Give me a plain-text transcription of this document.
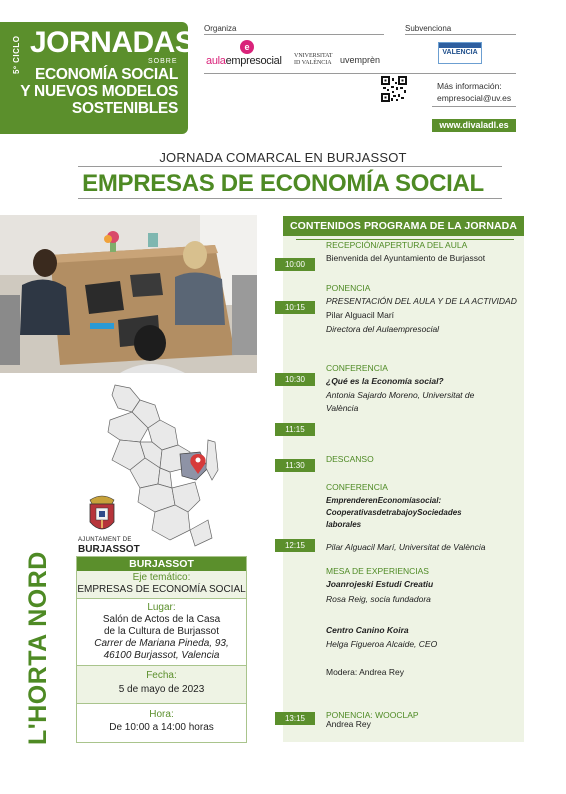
5º CICLO JORNADAS
SOBRE
ECONOMÍA SOCIAL
Y NUEVOS MODELOS
SOSTENIBLES
Organiza	Subvenciona
e
aulaempresocial VNIVERSITAT
ID VALÈNCIA uvemprèn
VALENCIA
Más información:
empresocial@uv.es
www.divaladl.es
JORNADA COMARCAL EN BURJASSOT
EMPRESAS DE ECONOMÍA SOCIAL
AJUNTAMENT DE
BURJASSOT
L'HORTA NORD	BURJASSOT
Eje temático:
EMPRESAS DE ECONOMÍA SOCIAL
Lugar:
Salón de Actos de la Casa
de la Cultura de Burjassot
Carrer de Mariana Pineda, 93,
46100 Burjassot, Valencia
Fecha:
5 de mayo de 2023
Hora:
De 10:00 a 14:00 horas
CONTENIDOS PROGRAMA DE LA JORNADA
10:00
10:15
10:30
11:15
11:30
12:15
13:15
RECEPCIÓN/APERTURA DEL AULA
Bienvenida del Ayuntamiento de Burjassot
PONENCIA
PRESENTACIÓN DEL AULA Y DE LA ACTIVIDAD
Pilar Alguacil Marí
Directora del Aulaempresocial
CONFERENCIA
¿Qué es la Economía social?
Antonia Sajardo Moreno, Universitat de
València
DESCANSO
CONFERENCIA
EmprenderenEconomíasocial:
CooperativasdetrabajoySociedades
laborales
Pilar Alguacil Marí, Universitat de València
MESA DE EXPERIENCIAS
Joanrojeski Estudi Creatiu
Rosa Reig, socia fundadora
Centro Canino Koira
Helga Figueroa Alcaide, CEO
Modera: Andrea Rey
PONENCIA: WOOCLAP
Andrea Rey
